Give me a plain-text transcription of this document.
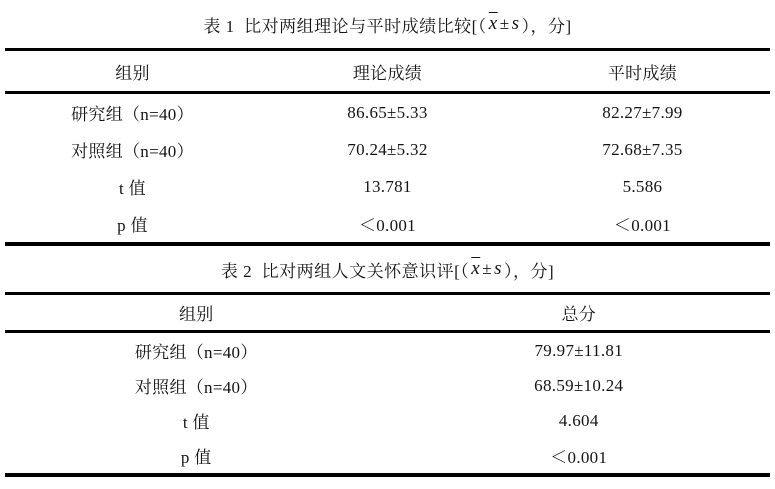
表 1  比对两组理论与平时成绩比较[（ $\overline{x} \pm s$ ），分]
组别	理论成绩	平时成绩
研究组（n=40）	86.65±5.33	82.27±7.99
对照组（n=40）	70.24±5.32	72.68±7.35
t 值	13.781	5.586
p 值	＜0.001	＜0.001
表 2  比对两组人文关怀意识评[（ $\overline{x} \pm s$ ），分]
组别	总分
研究组（n=40）	79.97±11.81
对照组（n=40）	68.59±10.24
t 值	4.604
p 值	＜0.001
